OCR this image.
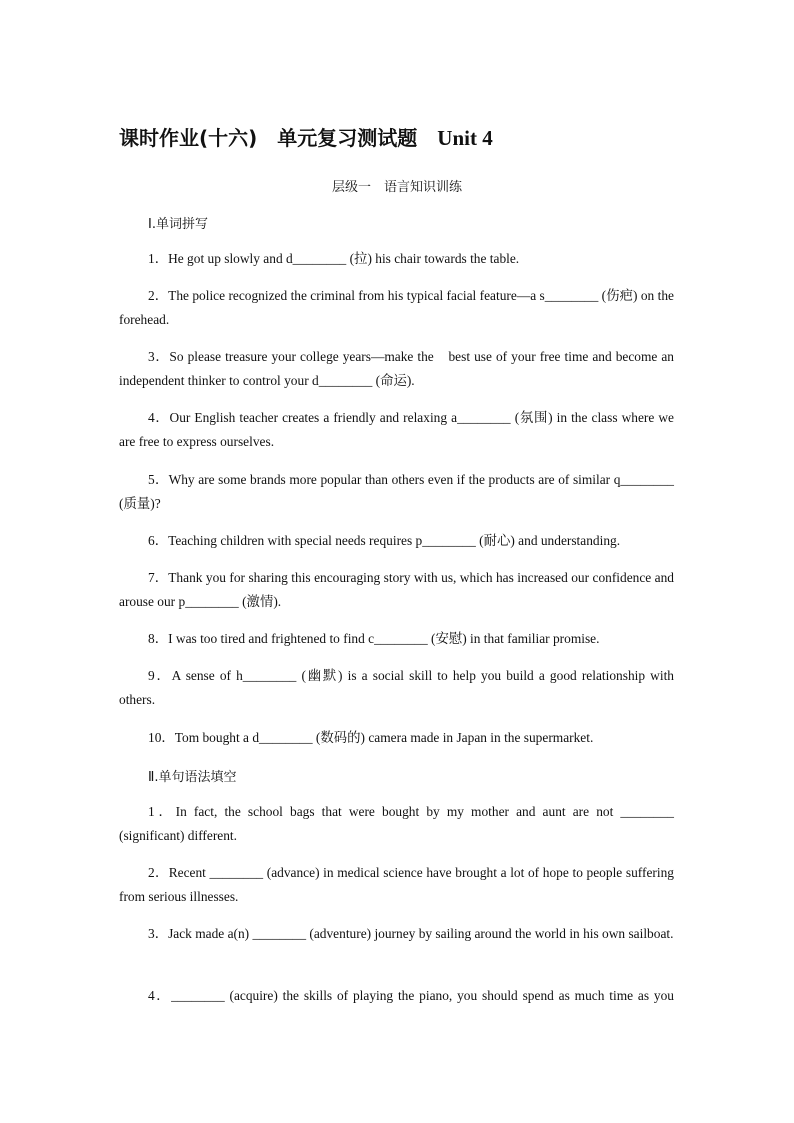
课时作业(十六)　单元复习测试题　Unit 4
层级一　语言知识训练
Ⅰ.单词拼写
1．He got up slowly and d________ (拉) his chair towards the table.
2．The police recognized the criminal from his typical facial feature—a s________ (伤疤) on the forehead.
3．So please treasure your college years—make the　best use of your free time and become an independent thinker to control your d________ (命运).
4．Our English teacher creates a friendly and relaxing a________ (氛围) in the class where we are free to express ourselves.
5．Why are some brands more popular than others even if the products are of similar q________ (质量)?
6．Teaching children with special needs requires p________ (耐心) and understanding.
7．Thank you for sharing this encouraging story with us, which has increased our confidence and arouse our p________ (激情).
8．I was too tired and frightened to find c________ (安慰) in that familiar promise.
9．A sense of h________ (幽默) is a social skill to help you build a good relationship with others.
10．Tom bought a d________ (数码的) camera made in Japan in the supermarket.
Ⅱ.单句语法填空
1．In fact, the school bags that were bought by my mother and aunt are not ________ (significant) different.
2．Recent ________ (advance) in medical science have brought a lot of hope to people suffering from serious illnesses.
3．Jack made a(n) ________ (adventure) journey by sailing around the world in his own sailboat.
4．________ (acquire) the skills of playing the piano, you should spend as much time as you
